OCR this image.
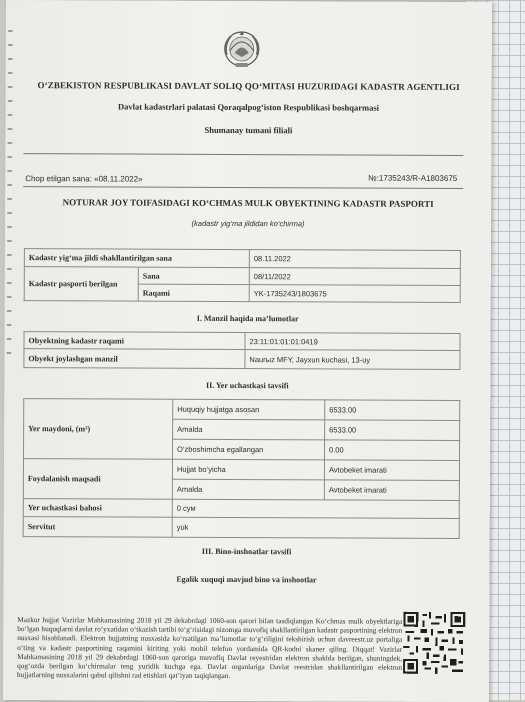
O‘ZBEKISTON RESPUBLIKASI DAVLAT SOLIQ QO‘MITASI HUZURIDAGI KADASTR AGENTLIGI
Davlat kadastrlari palatasi Qoraqalpog‘iston Respublikasi boshqarmasi
Shumanay tumani filiali
Chop etilgan sana: «08.11.2022»	№:1735243/R-A1803675
NOTURAR JOY TOIFASIDAGI KO‘CHMAS MULK OBYEKTINING KADASTR PASPORTI
(kadastr yig‘ma jildidan ko‘chirma)
Kadastr yig‘ma jildi shakllantirilgan sana		08.11.2022
Kadastr pasporti berilgan	Sana	08/11/2022
	Raqami	YK-1735243/1803675
I. Manzil haqida ma’lumotlar
Obyektning kadastr raqami	23:11:01:01:01:0419
Obyekt joylashgan manzil	Naurыz MFY, Jayxun kuchasi, 13-uy
II. Yer uchastkasi tavsifi
Yer maydoni, (m²)	Huquqiy hujjatga asosan	6533.00
	Amalda	6533.00
	O‘zboshimcha egallangan	0.00
Foydalanish maqsadi	Hujjat bo‘yicha	Avtobeket imarati
	Amalda	Avtobeket imarati
Yer uchastkasi bahosi	0 сум	
Servitut	yuk	
III. Bino-inshoatlar tavsifi
Egalik xuquqi mavjud bino va inshootlar
Mazkur hujjat Vazirlar Mahkamasining 2018 yil 29 dekabrdagi 1060-son qarori bilan tasdiqlangan Ko‘chmas mulk obyektlariga bo‘lgan huquqlarni davlat ro‘yxatidan o‘tkazish tartibi to‘g‘risidagi nizomga muvofiq shakllantirilgan kadastr pasportining elektron nusxasi hisoblanadi. Elektron hujjatning nusxasida ko‘rsatilgan ma’lumotlar to‘g‘riligini tekshirish uchun davreestr.uz portaliga o‘ting va kadastr pasportining raqamini kiriting yoki mobil telefon yordamida QR-kodni skaner qiling. Diqqat! Vazirlar Mahkamasining 2018 yil 29 dekabrdagi 1060-son qaroriga muvofiq Davlat reyestridan elektron shaklda berilgan, shuningdek, qog‘ozda berilgan ko‘chirmalar teng yuridik kuchga ega. Davlat organlariga Davlat reestridan shakllantirilgan elektron hujjatlarning nusxalarini qabul qilishni rad etishlari qat’iyan taqiqlangan.
